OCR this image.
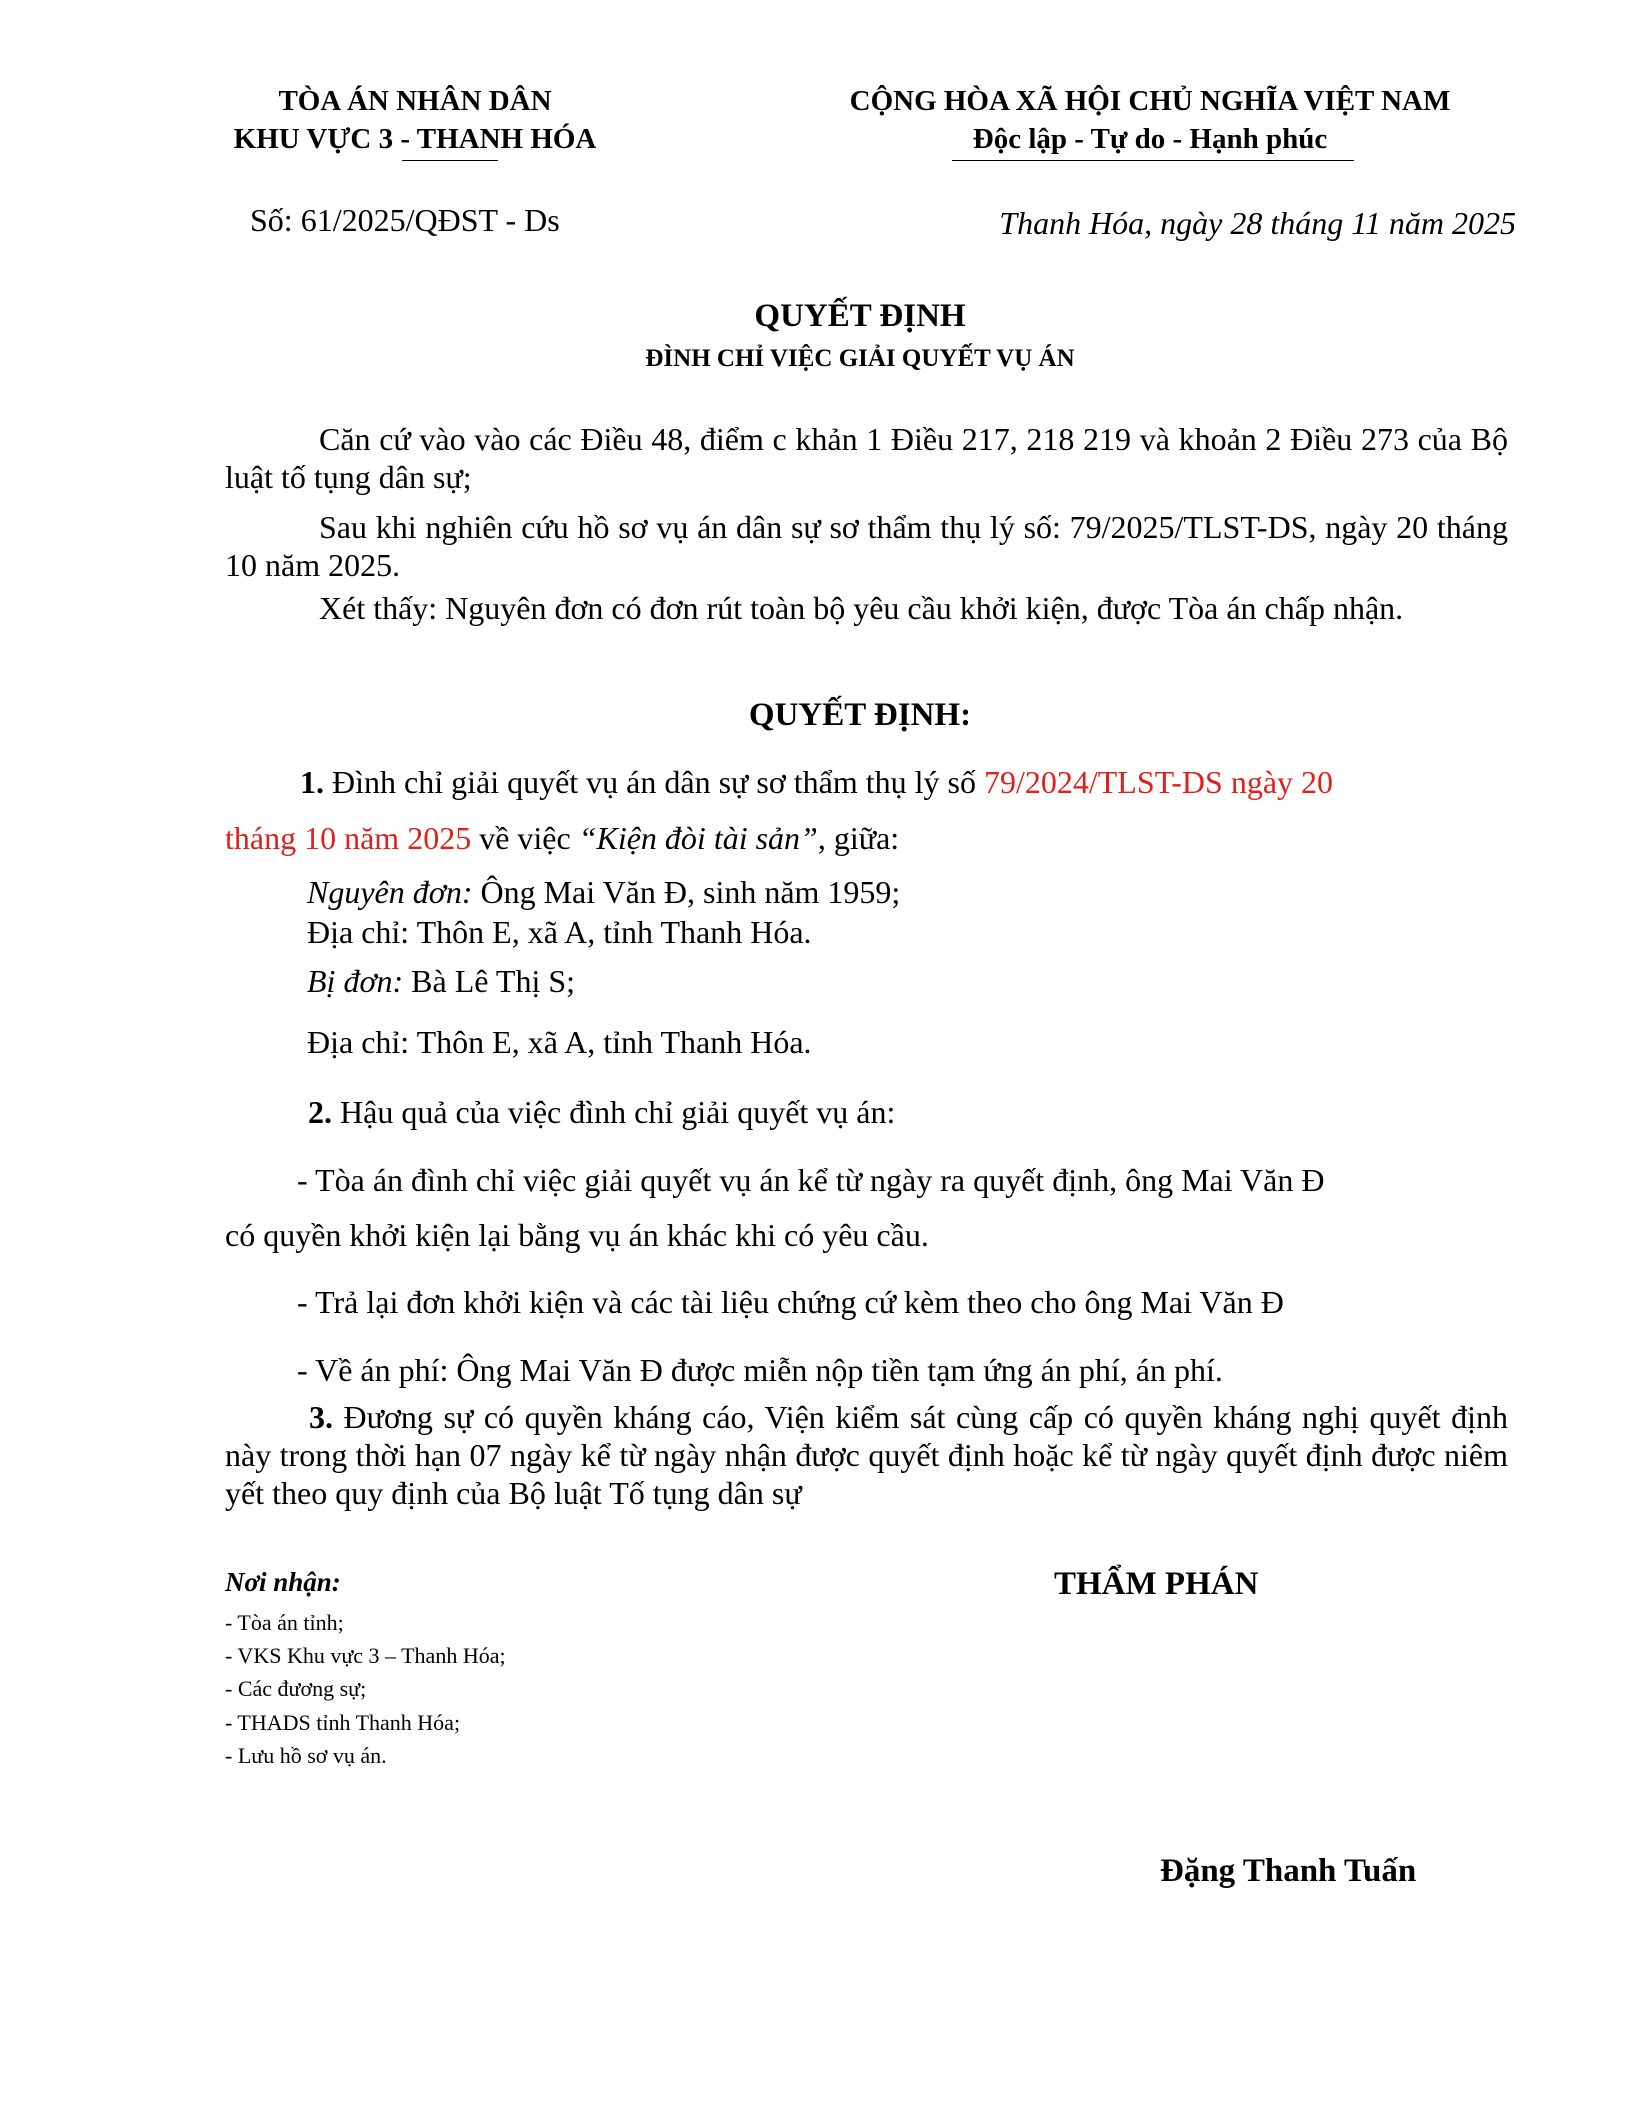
TÒA ÁN NHÂN DÂN
KHU VỰC 3 - THANH HÓA
CỘNG HÒA XÃ HỘI CHỦ NGHĨA VIỆT NAM
Độc lập - Tự do - Hạnh phúc
Số: 61/2025/QĐST - Ds	Thanh Hóa, ngày 28 tháng 11 năm 2025
QUYẾT ĐỊNH
ĐÌNH CHỈ VIỆC GIẢI QUYẾT VỤ ÁN
Căn cứ vào vào các Điều 48, điểm c khản 1 Điều 217, 218 219 và khoản 2 Điều 273 của Bộ luật tố tụng dân sự;
Sau khi nghiên cứu hồ sơ vụ án dân sự sơ thẩm thụ lý số: 79/2025/TLST-DS, ngày 20 tháng 10 năm 2025.
Xét thấy: Nguyên đơn có đơn rút toàn bộ yêu cầu khởi kiện, được Tòa án chấp nhận.
QUYẾT ĐỊNH:
1. Đình chỉ giải quyết vụ án dân sự sơ thẩm thụ lý số 79/2024/TLST-DS ngày 20
tháng 10 năm 2025 về việc “Kiện đòi tài sản”, giữa:
Nguyên đơn: Ông Mai Văn Đ, sinh năm 1959;
Địa chỉ: Thôn E, xã A, tỉnh Thanh Hóa.
Bị đơn: Bà Lê Thị S;
Địa chỉ: Thôn E, xã A, tỉnh Thanh Hóa.
2. Hậu quả của việc đình chỉ giải quyết vụ án:
- Tòa án đình chỉ việc giải quyết vụ án kể từ ngày ra quyết định, ông Mai Văn Đ
có quyền khởi kiện lại bằng vụ án khác khi có yêu cầu.
- Trả lại đơn khởi kiện và các tài liệu chứng cứ kèm theo cho ông Mai Văn Đ
- Về án phí: Ông Mai Văn Đ được miễn nộp tiền tạm ứng án phí, án phí.
3. Đương sự có quyền kháng cáo, Viện kiểm sát cùng cấp có quyền kháng nghị quyết định này trong thời hạn 07 ngày kể từ ngày nhận được quyết định hoặc kể từ ngày quyết định được niêm yết theo quy định của Bộ luật Tố tụng dân sự
Nơi nhận:
- Tòa án tỉnh;
- VKS Khu vực 3 – Thanh Hóa;
- Các đương sự;
- THADS tỉnh Thanh Hóa;
- Lưu hồ sơ vụ án.
THẨM PHÁN
Đặng Thanh Tuấn
